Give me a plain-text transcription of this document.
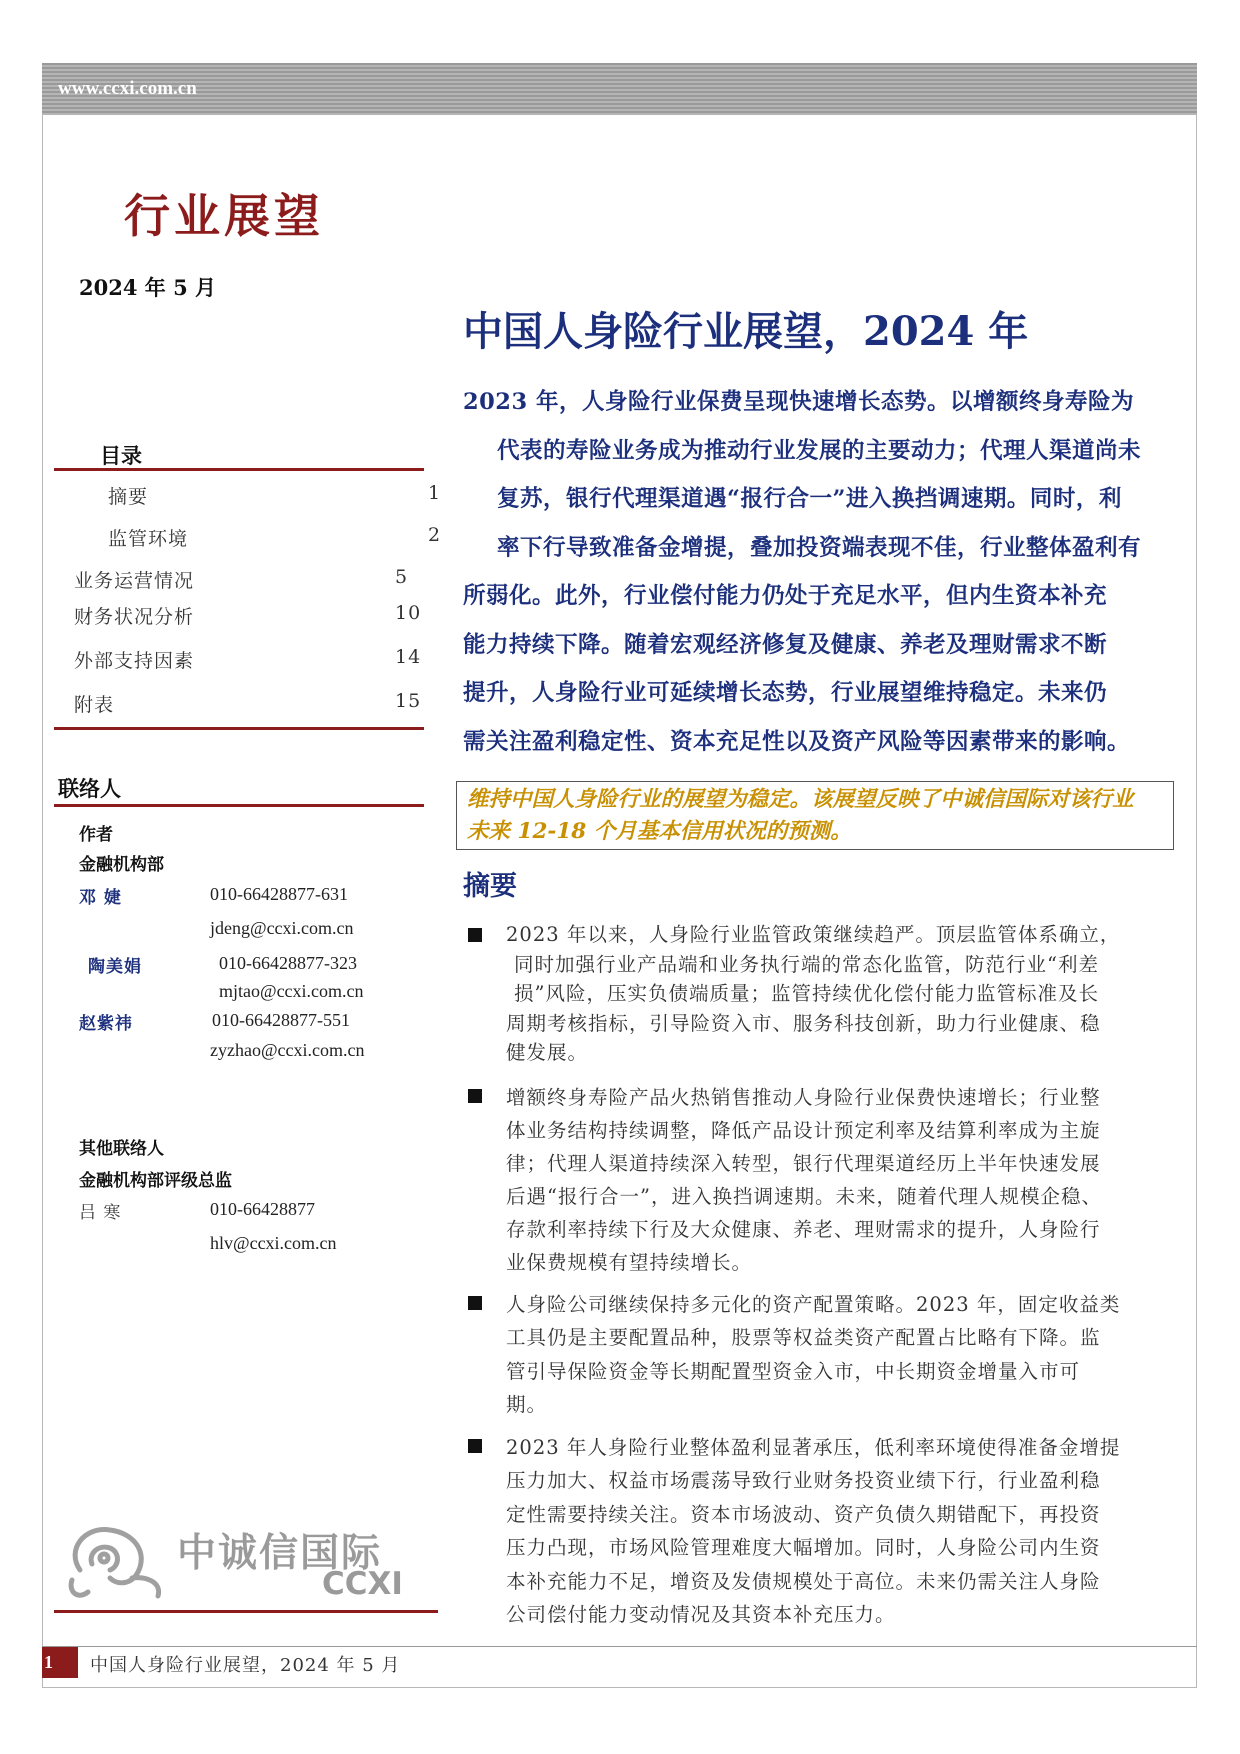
www.ccxi.com.cn
行业展望
2024 年 5 月
目录
摘要	1
监管环境	2
业务运营情况	5
财务状况分析	10
外部支持因素	14
附表	15
联络人
作者
金融机构部
邓 婕	010-66428877-631
jdeng@ccxi.com.cn
陶美娟	010-66428877-323
mjtao@ccxi.com.cn
赵紫祎	010-66428877-551
zyzhao@ccxi.com.cn
其他联络人
金融机构部评级总监
吕 寒	010-66428877
hlv@ccxi.com.cn
中诚信国际
CCXI
中国人身险行业展望，2024 年
2023 年，人身险行业保费呈现快速增长态势。以增额终身寿险为
代表的寿险业务成为推动行业发展的主要动力；代理人渠道尚未
复苏，银行代理渠道遇“报行合一”进入换挡调速期。同时，利
率下行导致准备金增提，叠加投资端表现不佳，行业整体盈利有
所弱化。此外，行业偿付能力仍处于充足水平，但内生资本补充
能力持续下降。随着宏观经济修复及健康、养老及理财需求不断
提升，人身险行业可延续增长态势，行业展望维持稳定。未来仍
需关注盈利稳定性、资本充足性以及资产风险等因素带来的影响。
维持中国人身险行业的展望为稳定。该展望反映了中诚信国际对该行业
未来 12-18 个月基本信用状况的预测。
摘要
2023 年以来，人身险行业监管政策继续趋严。顶层监管体系确立，
同时加强行业产品端和业务执行端的常态化监管，防范行业“利差
损”风险，压实负债端质量；监管持续优化偿付能力监管标准及长
周期考核指标，引导险资入市、服务科技创新，助力行业健康、稳
健发展。
增额终身寿险产品火热销售推动人身险行业保费快速增长；行业整
体业务结构持续调整，降低产品设计预定利率及结算利率成为主旋
律；代理人渠道持续深入转型，银行代理渠道经历上半年快速发展
后遇“报行合一”，进入换挡调速期。未来，随着代理人规模企稳、
存款利率持续下行及大众健康、养老、理财需求的提升，人身险行
业保费规模有望持续增长。
人身险公司继续保持多元化的资产配置策略。2023 年，固定收益类
工具仍是主要配置品种，股票等权益类资产配置占比略有下降。监
管引导保险资金等长期配置型资金入市，中长期资金增量入市可
期。
2023 年人身险行业整体盈利显著承压，低利率环境使得准备金增提
压力加大、权益市场震荡导致行业财务投资业绩下行，行业盈利稳
定性需要持续关注。资本市场波动、资产负债久期错配下，再投资
压力凸现，市场风险管理难度大幅增加。同时，人身险公司内生资
本补充能力不足，增资及发债规模处于高位。未来仍需关注人身险
公司偿付能力变动情况及其资本补充压力。
1	中国人身险行业展望，2024 年 5 月
